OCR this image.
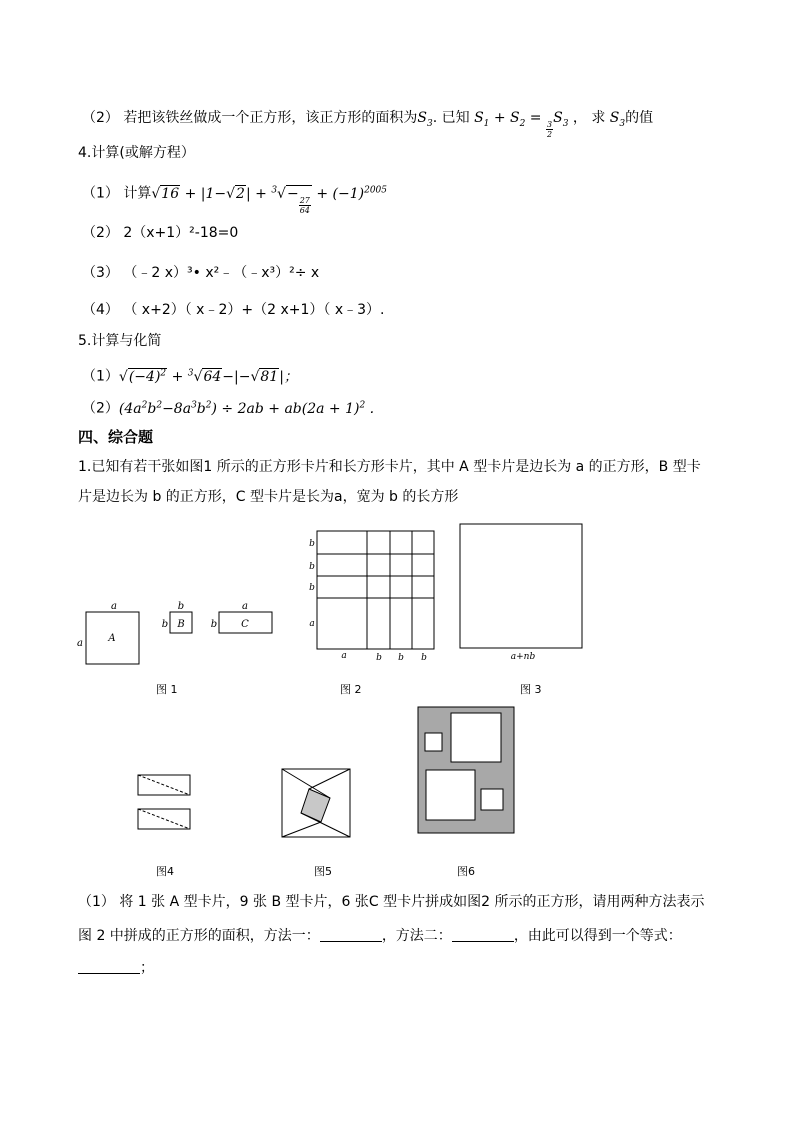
（2） 若把该铁丝做成一个正方形，该正方形的面积为$S_3$. 已知 $S_1 + S_2$ =
$\frac{3}{2}$
$S_3$ ， 求 $S_3$的值
4.计算(或解方程）
（1） 计算√16 + |1−√2| + $^3$√−
$\frac{27}{64}$
+ $(-1)^{2005}$
（2） 2（x+1）²-18=0
（3） （﹣2 x）³• x²﹣（﹣x³）²÷ x
（4） （ x+2）（ x﹣2）+（2 x+1）（ x﹣3）.
5.计算与化简
$(1)√(-4)^2 + ^3√64-|-√81|$；
$(2)(4a^2b^2-8a^3b^2) \div 2ab + ab(2a + 1)^2$ .
四、综合题
1.已知有若干张如图1 所示的正方形卡片和长方形卡片，其中 A 型卡片是边长为 a 的正方形，B 型卡
片是边长为 b 的正方形，C 型卡片是长为a，宽为 b 的长方形
a
a	A
b
b B
a
b C
图 1
b
b
b
a
a	b b b
图 2
a+nb
图 3
图4	图5	图6
（1） 将 1 张 A 型卡片，9 张 B 型卡片，6 张C 型卡片拼成如图2 所示的正方形，请用两种方法表示
图 2 中拼成的正方形的面积，方法一：	，方法二：	，由此可以得到一个等式：
；
